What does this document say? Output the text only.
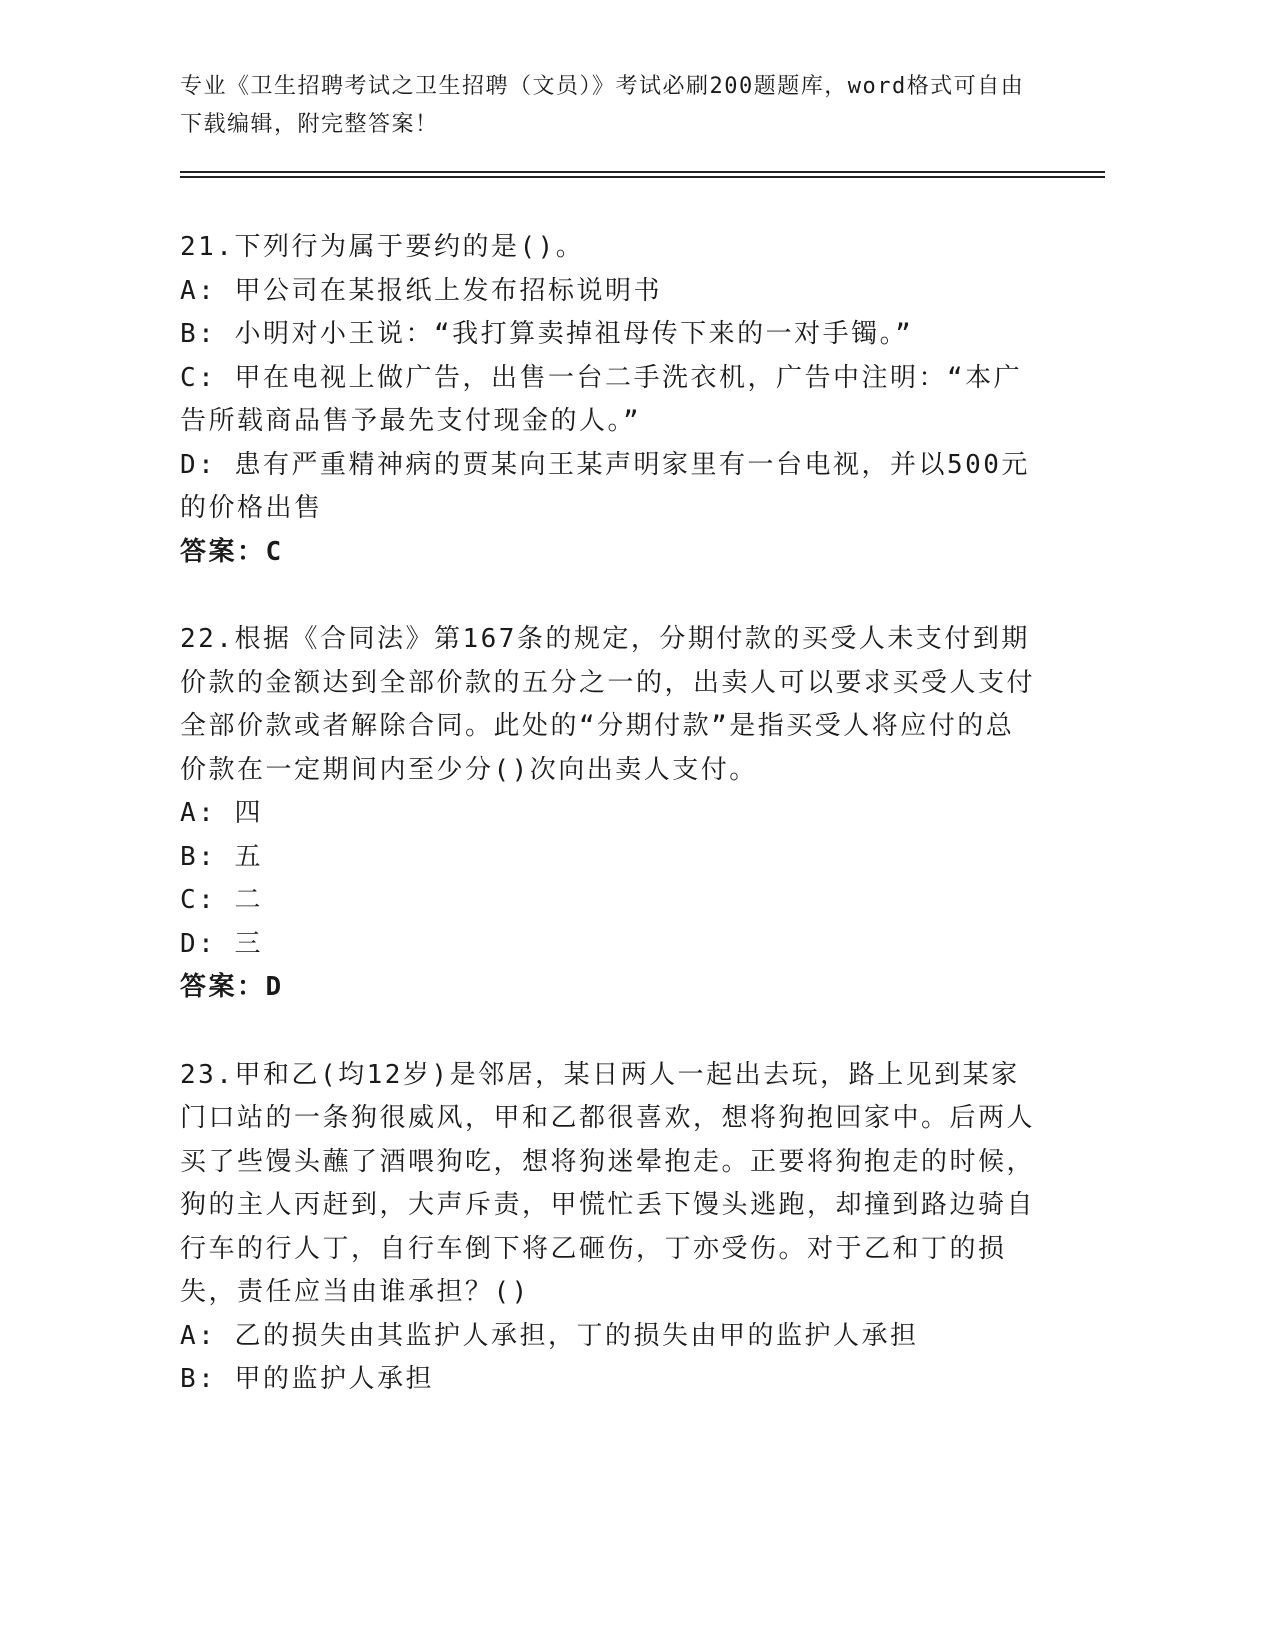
专业《卫生招聘考试之卫生招聘（文员）》考试必刷200题题库，word格式可自由下载编辑，附完整答案！

21.下列行为属于要约的是()。

A: 甲公司在某报纸上发布招标说明书

B: 小明对小王说：“我打算卖掉祖母传下来的一对手镯。”

C: 甲在电视上做广告，出售一台二手洗衣机，广告中注明：“本广告所载商品售予最先支付现金的人。”

D: 患有严重精神病的贾某向王某声明家里有一台电视，并以500元的价格出售

答案：C

22.根据《合同法》第167条的规定，分期付款的买受人未支付到期价款的金额达到全部价款的五分之一的，出卖人可以要求买受人支付全部价款或者解除合同。此处的“分期付款”是指买受人将应付的总价款在一定期间内至少分()次向出卖人支付。

A: 四

B: 五

C: 二

D: 三

答案：D

23.甲和乙(均12岁)是邻居，某日两人一起出去玩，路上见到某家门口站的一条狗很威风，甲和乙都很喜欢，想将狗抱回家中。后两人买了些馒头蘸了酒喂狗吃，想将狗迷晕抱走。正要将狗抱走的时候，狗的主人丙赶到，大声斥责，甲慌忙丢下馒头逃跑，却撞到路边骑自行车的行人丁，自行车倒下将乙砸伤，丁亦受伤。对于乙和丁的损失，责任应当由谁承担？()

A: 乙的损失由其监护人承担，丁的损失由甲的监护人承担

B: 甲的监护人承担
